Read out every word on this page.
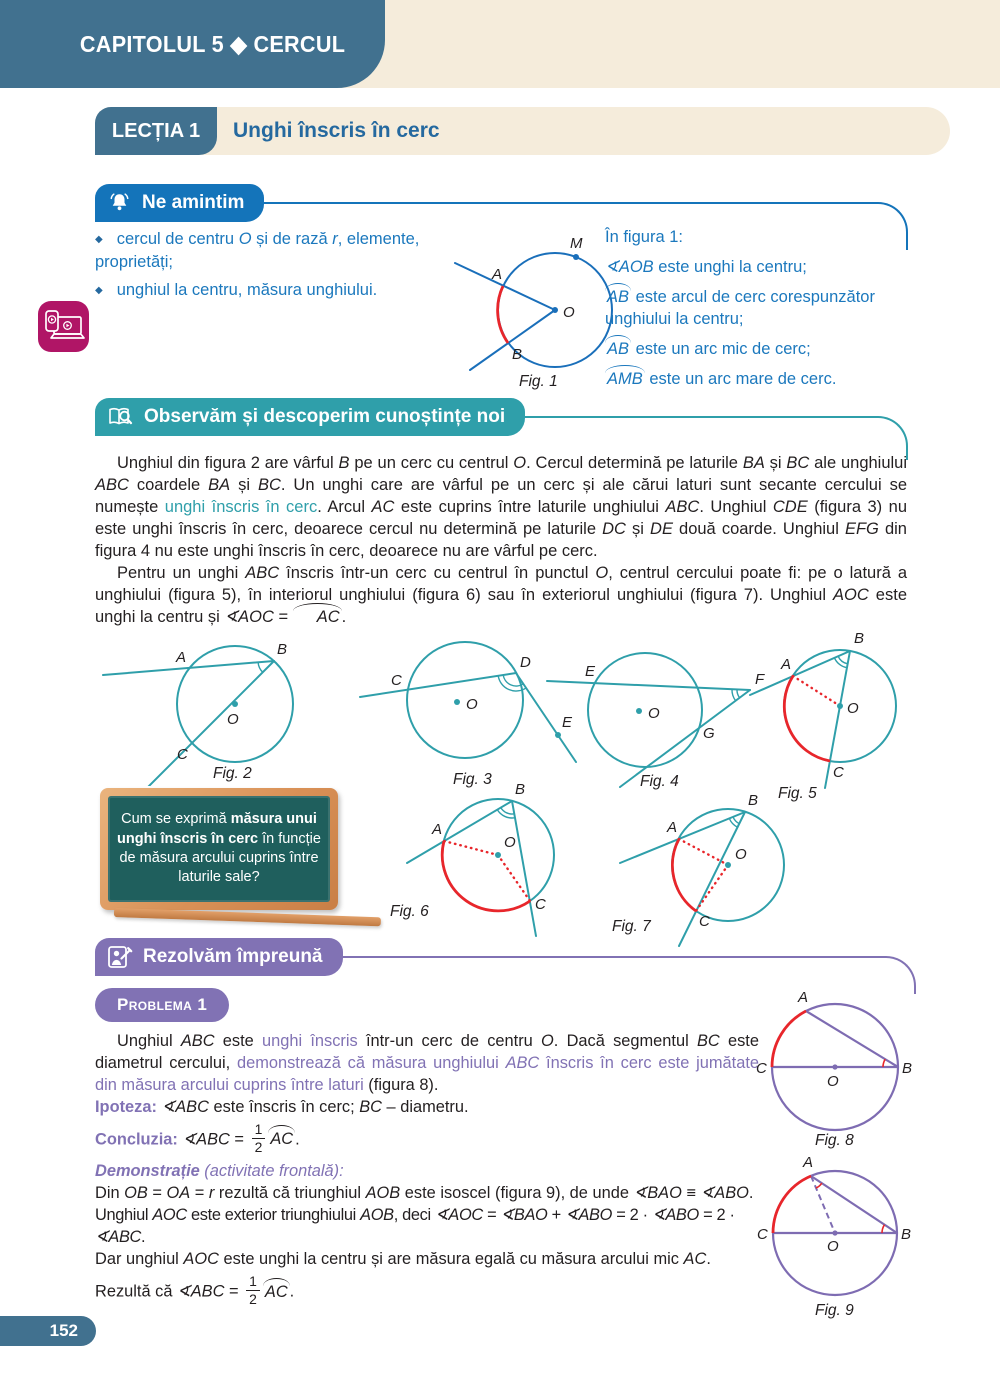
CAPITOLUL 5 ◆ CERCUL
LECȚIA 1	Unghi înscris în cerc
Ne amintim

◆ cercul de centru O și de rază r, elemente, proprietăți;

◆ unghiul la centru, măsura unghiului.

A
B
M
O
Fig. 1

În figura 1:

∢AOB este unghi la centru;

AB este arcul de cerc corespunzător unghiului la centru;

AB este un arc mic de cerc;

AMB este un arc mare de cerc.

Observăm și descoperim cunoștințe noi

Unghiul din figura 2 are vârful B pe un cerc cu centrul O. Cercul determină pe laturile BA și BC ale unghiului ABC coardele BA și BC. Un unghi care are vârful pe un cerc și ale cărui laturi sunt secante cercului se numește unghi înscris în cerc. Arcul AC este cuprins între laturile unghiului ABC. Unghiul CDE (figura 3) nu este unghi înscris în cerc, deoarece cercul nu determină pe laturile DC și DE două coarde. Unghiul EFG din figura 4 nu este unghi înscris în cerc, deoarece nu are vârful pe cerc.

Pentru un unghi ABC înscris într-un cerc cu centrul în punctul O, centrul cercului poate fi: pe o latură a unghiului (figura 5), în interiorul unghiului (figura 6) sau în exteriorul unghiului (figura 7). Unghiul AOC este unghi la centru și ∢AOC = AC .

A	B
C
O
Fig. 2
C
D
E
O
Fig. 3
E	F
G
O
Fig. 4
B
A
C
O
Fig. 5
Cum se exprimă măsura unui unghi înscris în cerc în funcție de măsura arcului cuprins între laturile sale?
B
A
C
O
Fig. 6
B
A
C
O
Fig. 7
Rezolvăm împreună
Problema 1

Unghiul ABC este unghi înscris într-un cerc de centru O. Dacă segmentul BC este diametrul cercului, demonstrează că măsura unghiului ABC înscris în cerc este jumătate din măsura arcului cuprins între laturi (figura 8).

Ipoteza: ∢ABC este înscris în cerc; BC – diametru.

Concluzia: ∢ABC = $\frac{1}{2}$ AC .

Demonstrație (activitate frontală):

Din OB = OA = r rezultă că triunghiul AOB este isoscel (figura 9), de unde ∢BAO ≡ ∢ABO.

Unghiul AOC este exterior triunghiului AOB, deci ∢AOC = ∢BAO + ∢ABO = 2 · ∢ABO = 2 · ∢ABC.

Dar unghiul AOC este unghi la centru și are măsura egală cu măsura arcului mic AC.

Rezultă că ∢ABC = $\frac{1}{2}$ AC .

A
C	B
O
Fig. 8
A
C	B
O
Fig. 9
152
